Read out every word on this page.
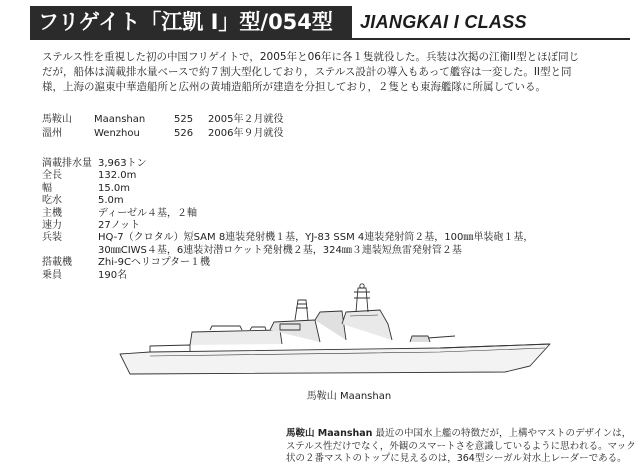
フリゲイト「江凱 I」型/054型	JIANGKAI I CLASS
ステルス性を重視した初の中国フリゲイトで，2005年と06年に各１隻就役した。兵装は次掲の江衛II型とほぼ同じだが，船体は満載排水量ベースで約７割大型化しており，ステルス設計の導入もあって艦容は一変した。II型と同様，上海の滬東中華造船所と広州の黄埔造船所が建造を分担しており，２隻とも東海艦隊に所属している。
馬鞍山	Maanshan	525	2005年２月就役
溫州	Wenzhou	526	2006年９月就役
満載排水量 3,963トン
全長	132.0m
幅	15.0m
吃水	5.0m
主機	ディーゼル４基，２軸
速力	27ノット
兵装	HQ-7（クロタル）短SAM 8連装発射機１基，YJ-83 SSM 4連装発射筒２基，100㎜単装砲１基，
30㎜CIWS４基，6連装対潜ロケット発射機２基，324㎜３連装短魚雷発射管２基
搭載機	Zhi-9Cヘリコプター１機
乗員	190名
馬鞍山 Maanshan
馬鞍山 Maanshan 最近の中国水上艦の特徴だが，上構やマストのデザインは，ステルス性だけでなく，外観のスマートさを意識しているように思われる。マック状の２番マストのトップに見えるのは，364型シーガル対水上レーダーである。
